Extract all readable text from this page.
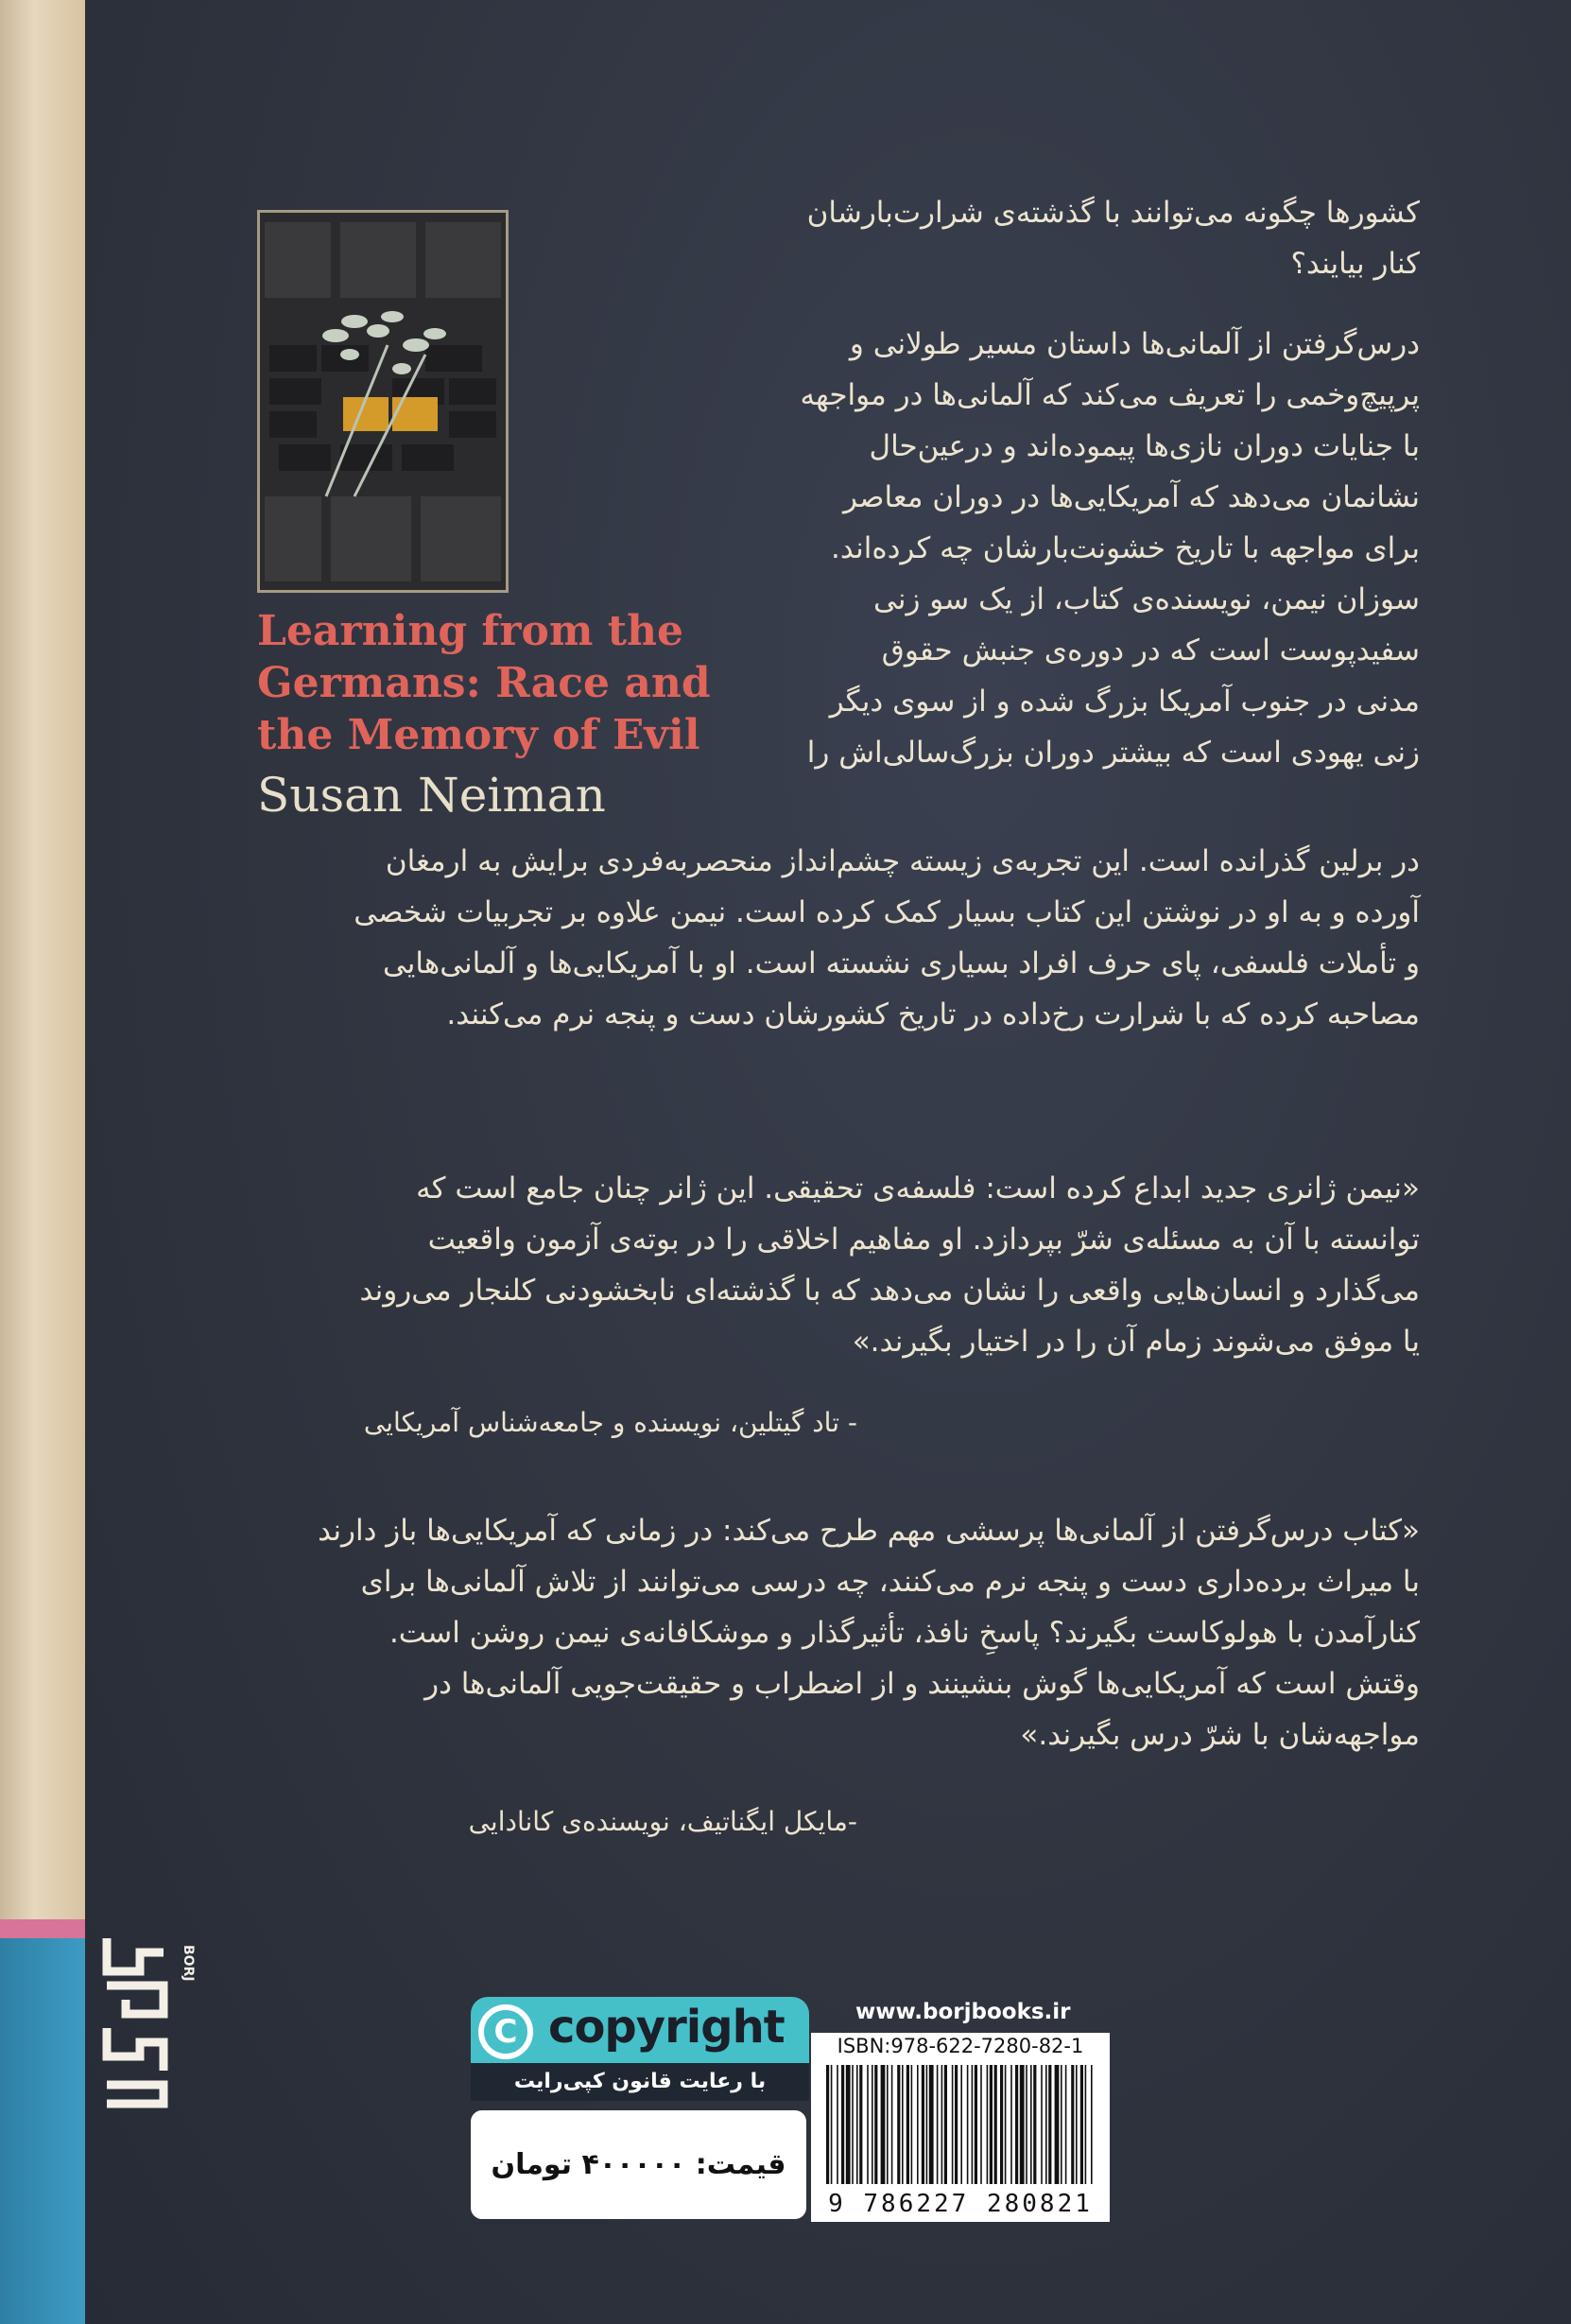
Learning from the
Germans: Race and
the Memory of Evil

Susan Neiman

کشورها چگونه می‌توانند با گذشته‌ی شرارت‌بارشان
کنار بیایند؟
درس‌گرفتن از آلمانی‌ها داستان مسیر طولانی و
پرپیچ‌وخمی را تعریف می‌کند که آلمانی‌ها در مواجهه
با جنایات دوران نازی‌ها پیموده‌اند و درعین‌حال
نشانمان می‌دهد که آمریکایی‌ها در دوران معاصر
برای مواجهه با تاریخ خشونت‌بارشان چه کرده‌اند.
سوزان نیمن، نویسنده‌ی کتاب، از یک سو زنی
سفیدپوست است که در دوره‌ی جنبش حقوق
مدنی در جنوب آمریکا بزرگ شده و از سوی دیگر
زنی یهودی است که بیشتر دوران بزرگ‌سالی‌اش را
در برلین گذرانده است. این تجربه‌ی زیسته چشم‌انداز منحصربه‌فردی برایش به ارمغان
آورده و به او در نوشتن این کتاب بسیار کمک کرده است. نیمن علاوه بر تجربیات شخصی
و تأملات فلسفی، پای حرف افراد بسیاری نشسته است. او با آمریکایی‌ها و آلمانی‌هایی
مصاحبه کرده که با شرارت رخ‌داده در تاریخ کشورشان دست و پنجه نرم می‌کنند.
«نیمن ژانری جدید ابداع کرده است: فلسفه‌ی تحقیقی. این ژانر چنان جامع است که
توانسته با آن به مسئله‌ی شرّ بپردازد. او مفاهیم اخلاقی را در بوته‌ی آزمون واقعیت
می‌گذارد و انسان‌هایی واقعی را نشان می‌دهد که با گذشته‌ای نابخشودنی کلنجار می‌روند
یا موفق می‌شوند زمام آن را در اختیار بگیرند.»
- تاد گیتلین، نویسنده و جامعه‌شناس آمریکایی
«کتاب درس‌گرفتن از آلمانی‌ها پرسشی مهم طرح می‌کند: در زمانی که آمریکایی‌ها باز دارند
با میراث برده‌داری دست و پنجه نرم می‌کنند، چه درسی می‌توانند از تلاش آلمانی‌ها برای
کنارآمدن با هولوکاست بگیرند؟ پاسخِ نافذ، تأثیرگذار و موشکافانه‌ی نیمن روشن است.
وقتش است که آمریکایی‌ها گوش بنشینند و از اضطراب و حقیقت‌جویی آلمانی‌ها در
مواجهه‌شان با شرّ درس بگیرند.»
-مایکل ایگناتیف، نویسنده‌ی کانادایی
BORJ
C copyright
با رعایت قانون کپی‌رایت
قیمت: ۴۰۰۰۰۰ تومان
www.borjbooks.ir
ISBN:978-622-7280-82-1
9 786227 280821
